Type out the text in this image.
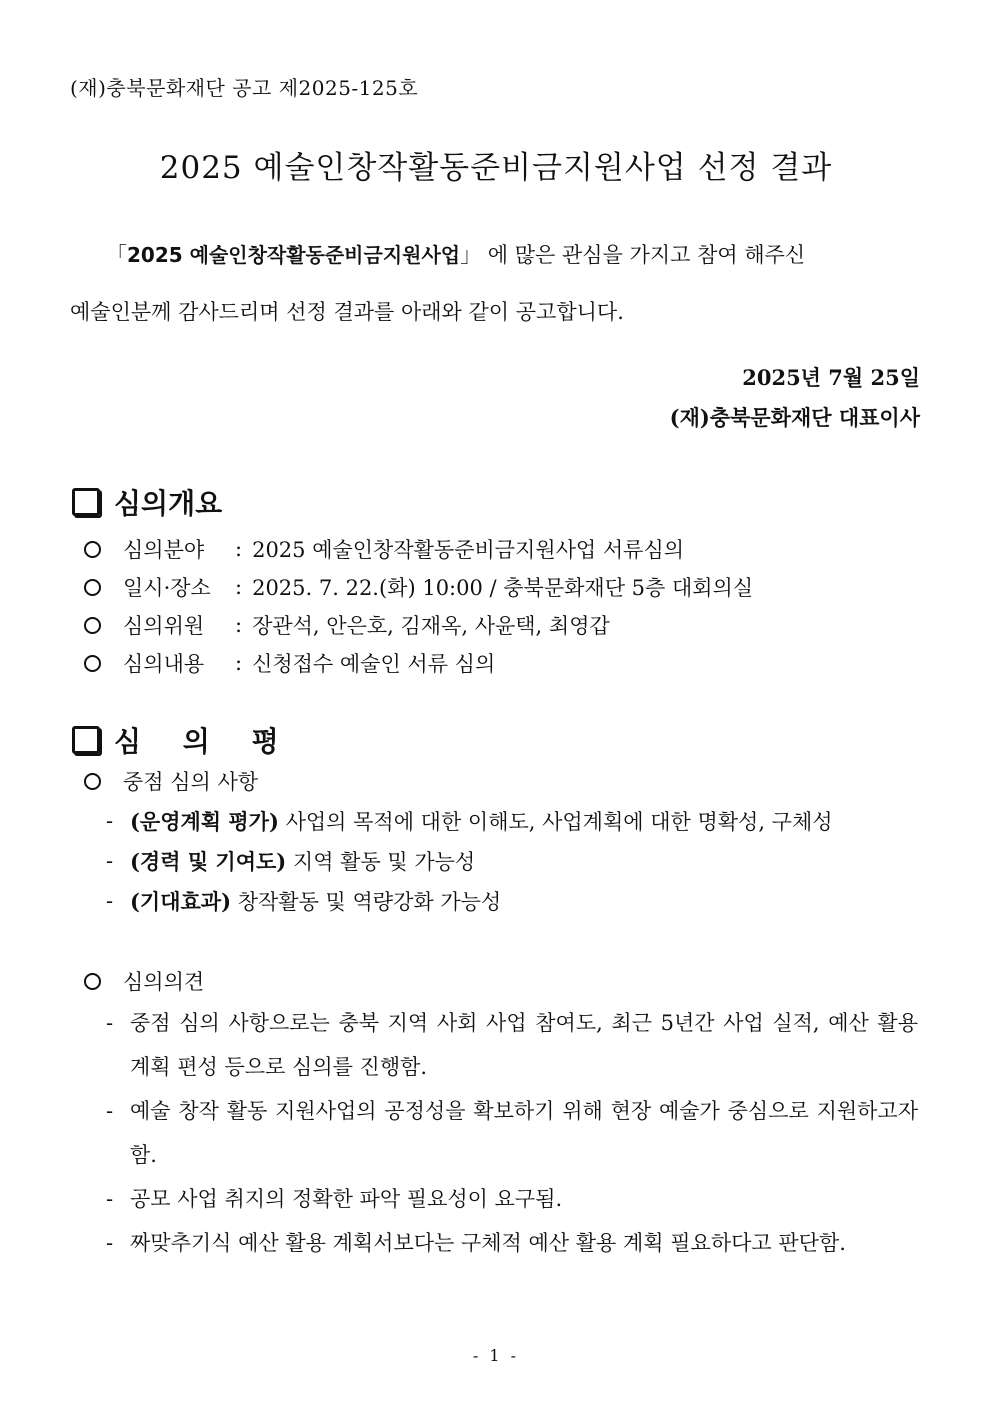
(재)충북문화재단 공고 제2025-125호
2025 예술인창작활동준비금지원사업 선정 결과
「2025 예술인창작활동준비금지원사업」 에 많은 관심을 가지고 참여 해주신
예술인분께 감사드리며 선정 결과를 아래와 같이 공고합니다.
2025년 7월 25일
(재)충북문화재단 대표이사
심의개요
심의분야	: 2025 예술인창작활동준비금지원사업 서류심의
일시·장소	: 2025. 7. 22.(화) 10:00 / 충북문화재단 5층 대회의실
심의위원	: 장관석, 안은호, 김재옥, 사윤택, 최영갑
심의내용	: 신청접수 예술인 서류 심의
심 의 평
중점 심의 사항
- (운영계획 평가) 사업의 목적에 대한 이해도, 사업계획에 대한 명확성, 구체성
- (경력 및 기여도) 지역 활동 및 가능성
- (기대효과) 창작활동 및 역량강화 가능성
심의의견
- 중점 심의 사항으로는 충북 지역 사회 사업 참여도, 최근 5년간 사업 실적, 예산 활용 계획 편성 등으로 심의를 진행함.
- 예술 창작 활동 지원사업의 공정성을 확보하기 위해 현장 예술가 중심으로 지원하고자 함.
- 공모 사업 취지의 정확한 파악 필요성이 요구됨.
- 짜맞추기식 예산 활용 계획서보다는 구체적 예산 활용 계획 필요하다고 판단함.
- 1 -
